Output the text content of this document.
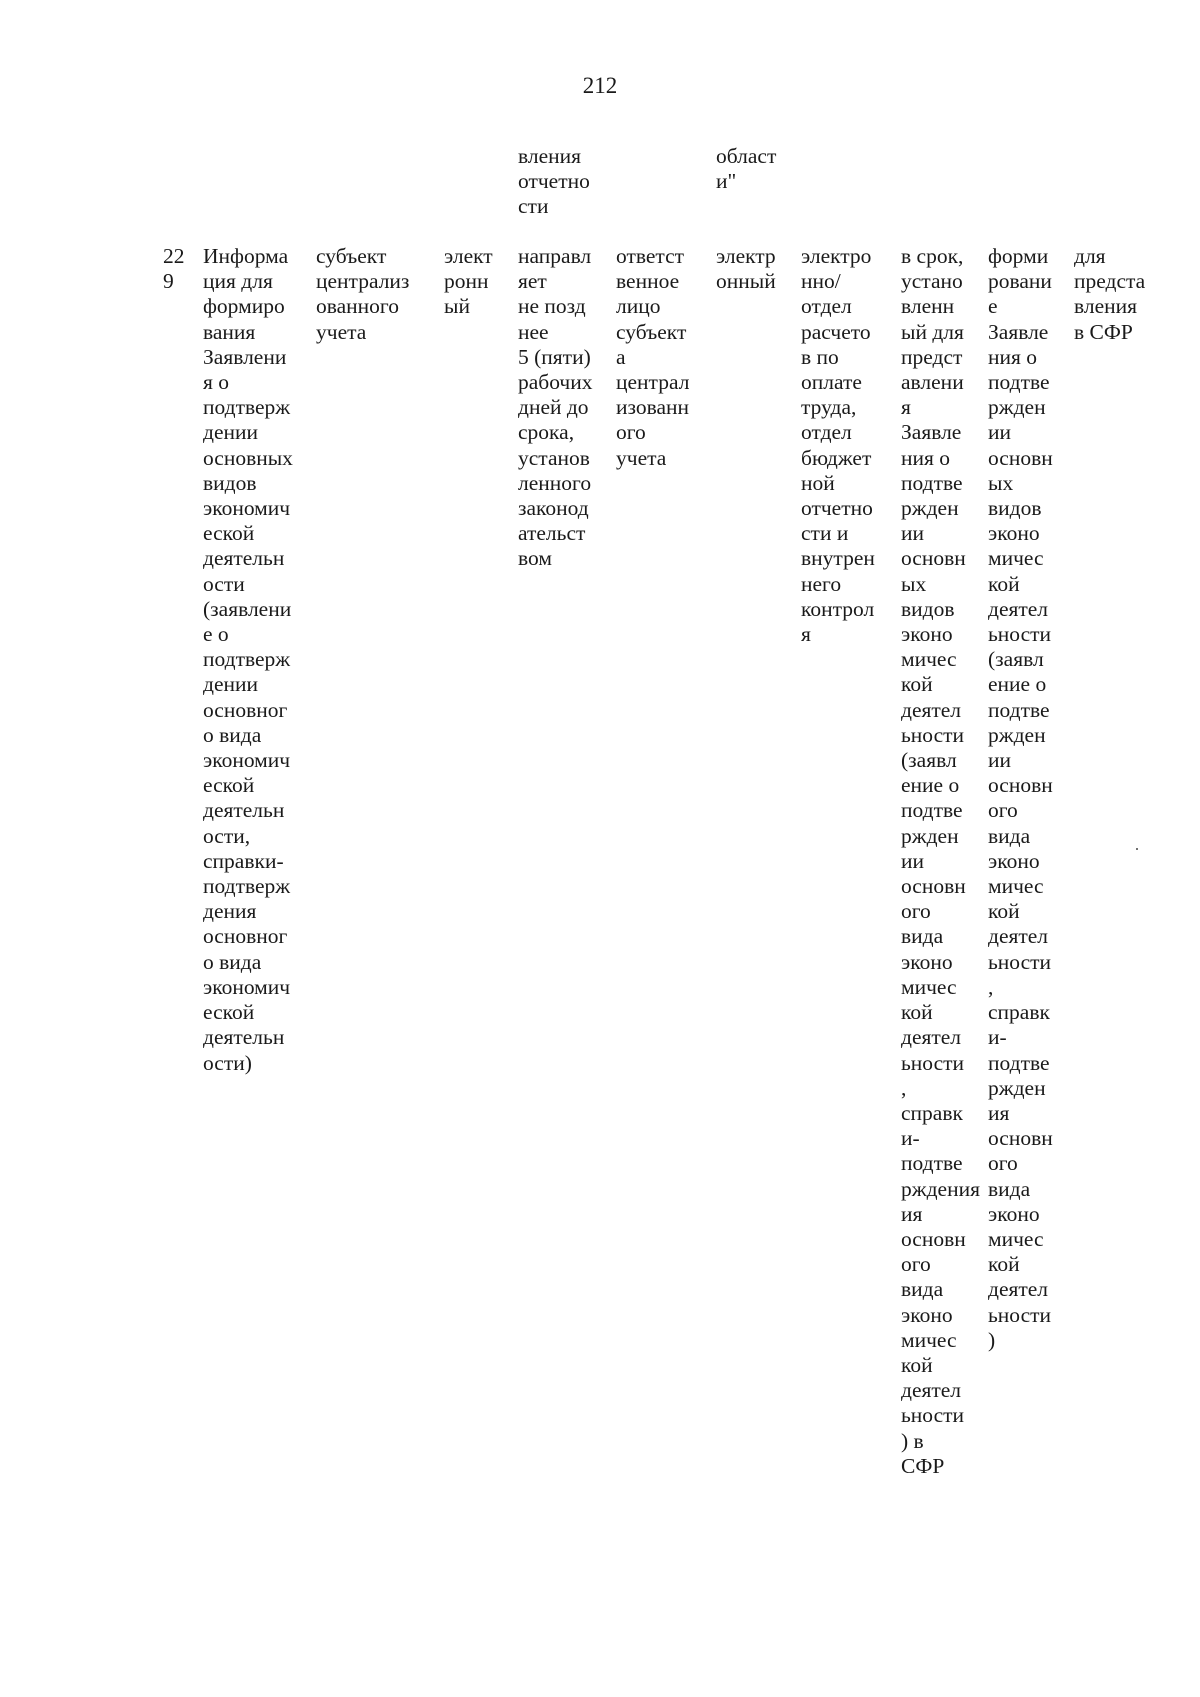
212
вления
отчетно
сти
област
и"
22
9
Информа
ция для
формиро
вания
Заявлени
я о
подтверж
дении
основных
видов
экономич
еской
деятельн
ости
(заявлени
е о
подтверж
дении
основног
о вида
экономич
еской
деятельн
ости,
справки-
подтверж
дения
основног
о вида
экономич
еской
деятельн
ости)
субъект
централиз
ованного
учета
элект
ронн
ый
направл
яет
не позд
нее
5 (пяти)
рабочих
дней до
срока,
установ
ленного
законод
ательст
вом
ответст
венное
лицо
субъект
а
централ
изованн
ого
учета
электр
онный
электро
нно/
отдел
расчето
в по
оплате
труда,
отдел
бюджет
ной
отчетно
сти и
внутрен
него
контрол
я
в срок,
устано
вленн
ый для
предст
авлени
я
Заявле
ния о
подтве
ржден
ии
основн
ых
видов
эконо
мичес
кой
деятел
ьности
(заявл
ение о
подтве
ржден
ии
основн
ого
вида
эконо
мичес
кой
деятел
ьности
,
справк
и-
подтве
рждения
ия
основн
ого
вида
эконо
мичес
кой
деятел
ьности
) в
СФР
форми
ровани
е
Заявле
ния о
подтве
ржден
ии
основн
ых
видов
эконо
мичес
кой
деятел
ьности
(заявл
ение о
подтве
ржден
ии
основн
ого
вида
эконо
мичес
кой
деятел
ьности
,
справк
и-
подтве
ржден
ия
основн
ого
вида
эконо
мичес
кой
деятел
ьности
)
для
предста
вления
в СФР
